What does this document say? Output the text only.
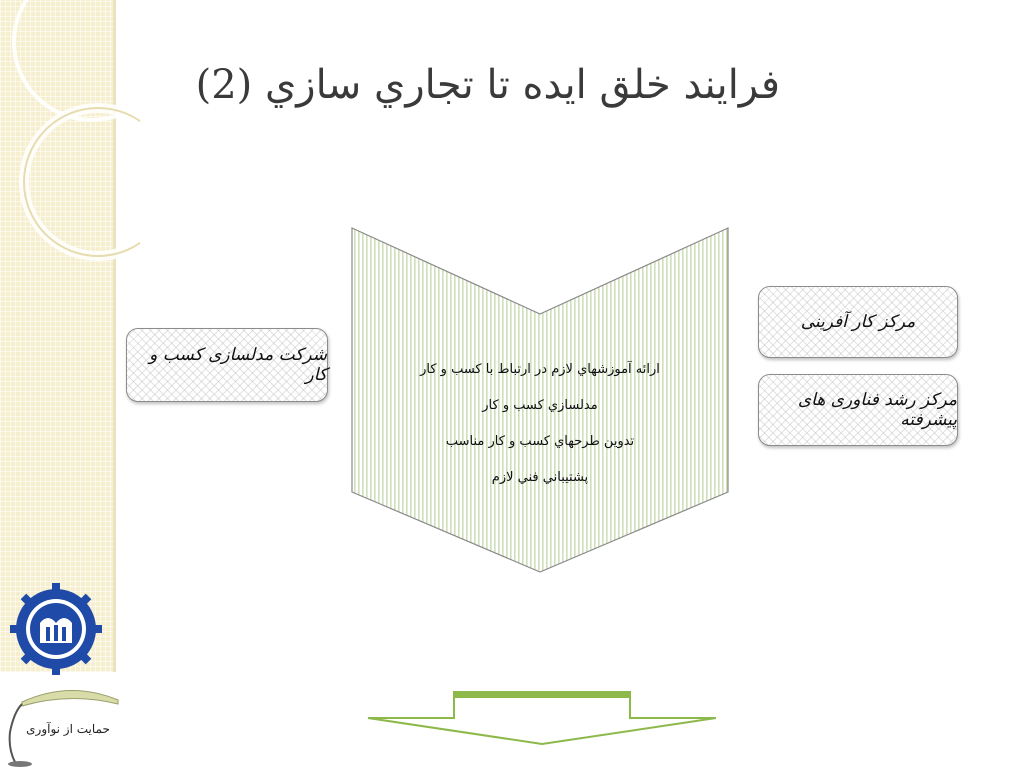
فرايند خلق ايده تا تجاري سازي (2)
شرکت مدلسازی کسب و کار
مرکز کار آفرینی
مرکز رشد فناوری های پیشرفته
ارائه آموزشهاي لازم در ارتباط با كسب و كار
مدلسازي كسب و كار
تدوين طرحهاي كسب و كار مناسب
پشتيباني فني لازم
حمایت از نوآوری
